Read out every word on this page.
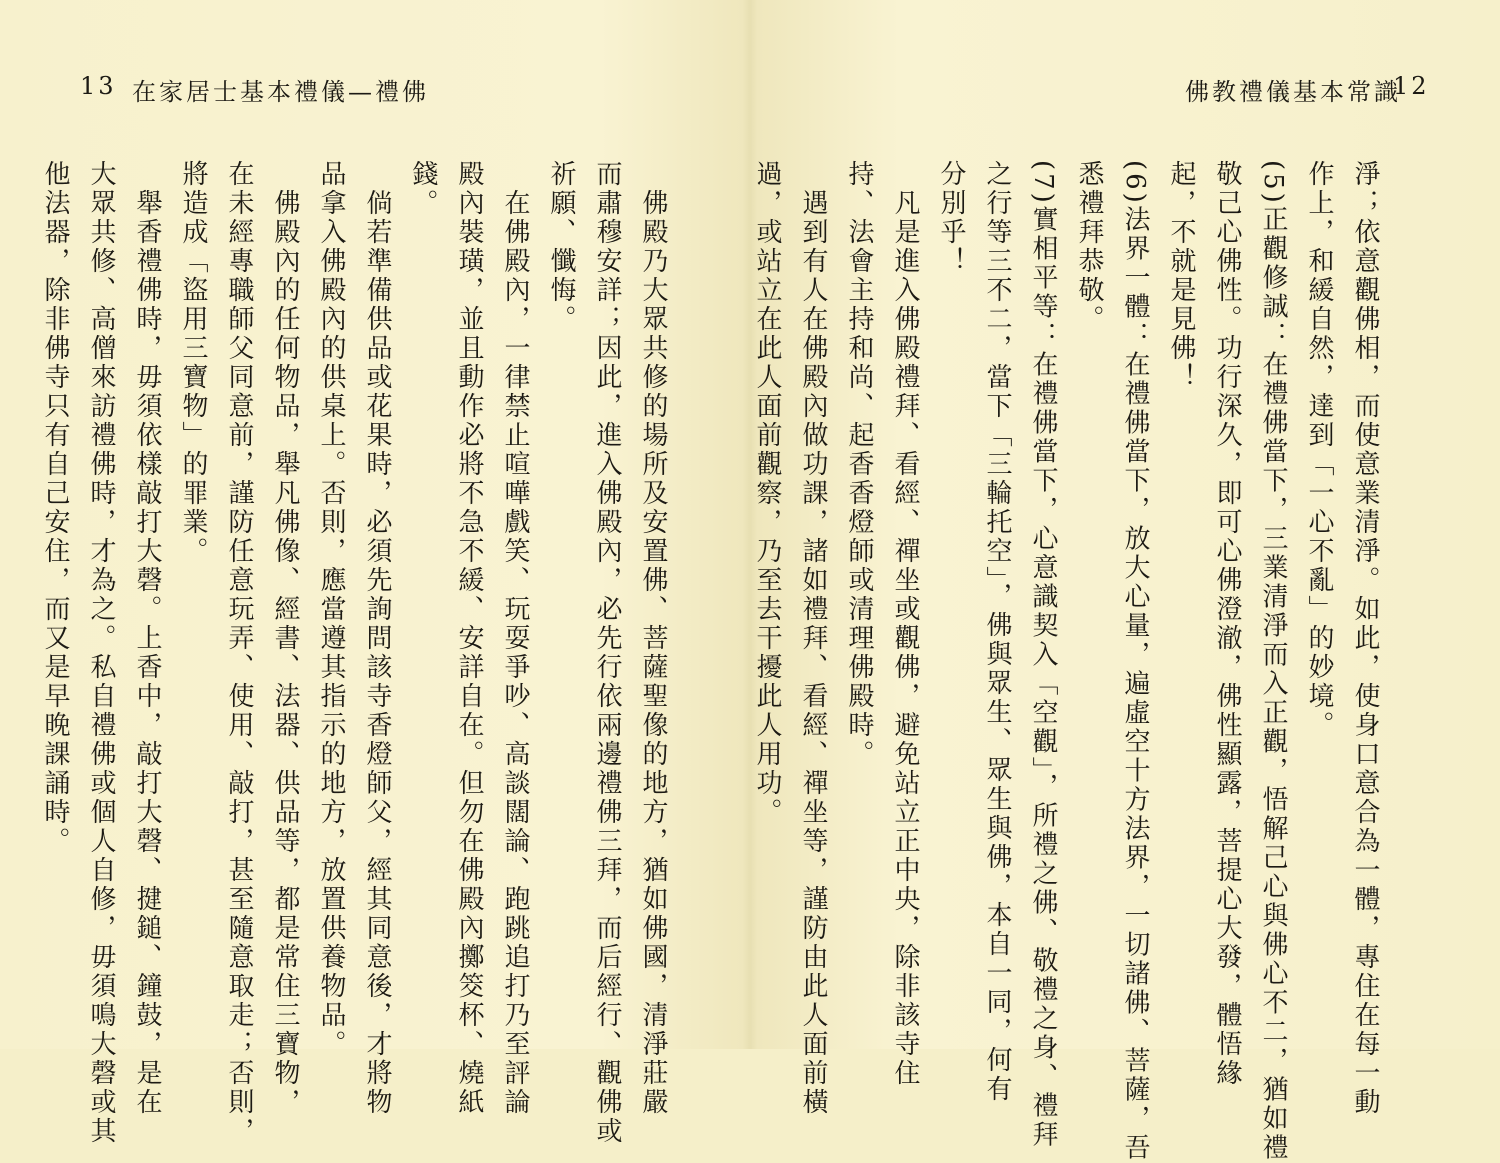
13 在家居士基本禮儀—禮佛
　佛殿乃大眾共修的場所及安置佛、菩薩聖像的地方，猶如佛國，清淨莊嚴
而肅穆安詳；因此，進入佛殿內，必先行依兩邊禮佛三拜，而后經行、觀佛或
祈願、懺悔。
　在佛殿內，一律禁止喧嘩戲笑、玩耍爭吵、高談闊論、跑跳追打乃至評論
殿內裝璜，並且動作必將不急不緩、安詳自在。但勿在佛殿內擲筊杯、燒紙
錢。
　倘若準備供品或花果時，必須先詢問該寺香燈師父，經其同意後，才將物
品拿入佛殿內的供桌上。否則，應當遵其指示的地方，放置供養物品。
　佛殿內的任何物品，舉凡佛像、經書、法器、供品等，都是常住三寶物，
在未經專職師父同意前，謹防任意玩弄、使用、敲打，甚至隨意取走；否則，
將造成「盜用三寶物」的罪業。
　舉香禮佛時，毋須依樣敲打大磬。上香中，敲打大磬、揵鎚、鐘鼓，是在
大眾共修、高僧來訪禮佛時，才為之。私自禮佛或個人自修，毋須鳴大磬或其
他法器，除非佛寺只有自己安住，而又是早晚課誦時。
佛教禮儀基本常識
12
淨；依意觀佛相，而使意業清淨。如此，使身口意合為一體，專住在每一動
作上，和緩自然，達到「一心不亂」的妙境。
(5)正觀修誠：在禮佛當下，三業清淨而入正觀，悟解己心與佛心不二，猶如禮
敬己心佛性。功行深久，即可心佛澄澈，佛性顯露，菩提心大發，體悟緣
起，不就是見佛！
(6)法界一體：在禮佛當下，放大心量，遍虛空十方法界，一切諸佛、菩薩，吾
悉禮拜恭敬。
(7)實相平等：在禮佛當下，心意識契入「空觀」，所禮之佛、敬禮之身、禮拜
之行等三不二，當下「三輪托空」，佛與眾生、眾生與佛，本自一同，何有
分別乎！
　凡是進入佛殿禮拜、看經、禪坐或觀佛，避免站立正中央，除非該寺住
持、法會主持和尚、起香香燈師或清理佛殿時。
　遇到有人在佛殿內做功課，諸如禮拜、看經、禪坐等，謹防由此人面前橫
過，或站立在此人面前觀察，乃至去干擾此人用功。
